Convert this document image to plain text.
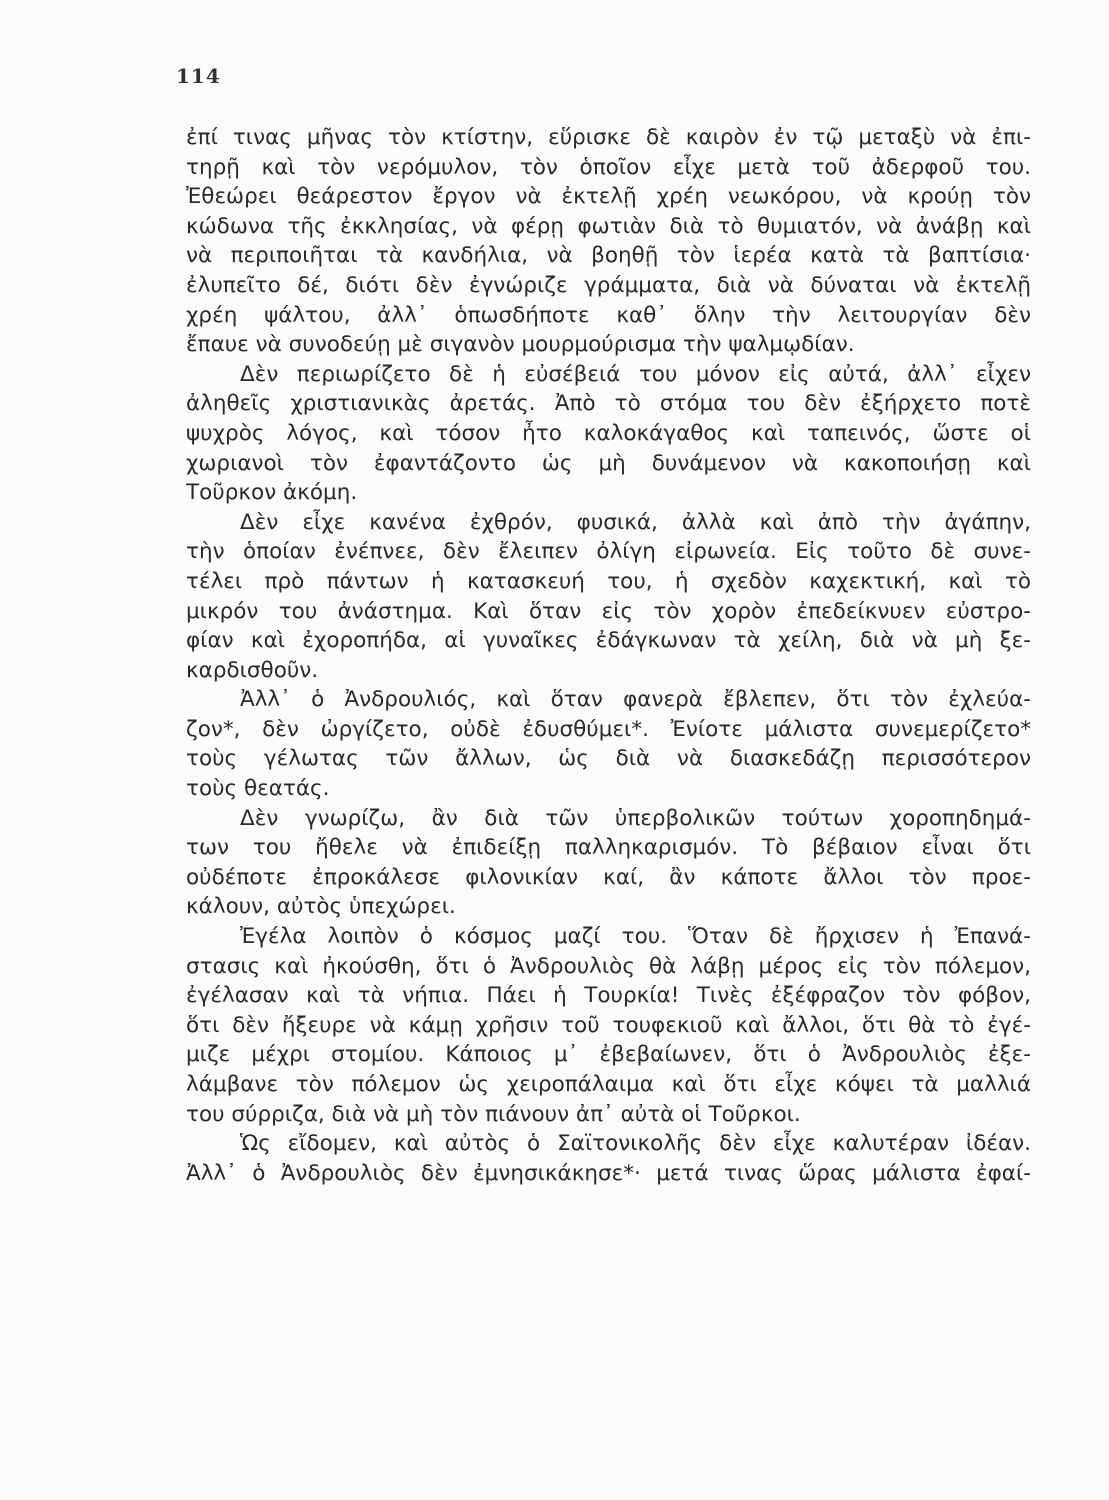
114
ἐπί τινας μῆνας τὸν κτίστην, εὕρισκε δὲ καιρὸν ἐν τῷ μεταξὺ νὰ ἐπι-
τηρῇ καὶ τὸν νερόμυλον, τὸν ὁποῖον εἶχε μετὰ τοῦ ἀδερφοῦ του.
Ἐθεώρει θεάρεστον ἔργον νὰ ἐκτελῇ χρέη νεωκόρου, νὰ κρούῃ τὸν
κώδωνα τῆς ἐκκλησίας, νὰ φέρῃ φωτιὰν διὰ τὸ θυμιατόν, νὰ ἀνάβῃ καὶ
νὰ περιποιῆται τὰ κανδήλια, νὰ βοηθῇ τὸν ἱερέα κατὰ τὰ βαπτίσια·
ἐλυπεῖτο δέ, διότι δὲν ἐγνώριζε γράμματα, διὰ νὰ δύναται νὰ ἐκτελῇ
χρέη ψάλτου, ἀλλ᾽ ὁπωσδήποτε καθ᾽ ὅλην τὴν λειτουργίαν δὲν
ἔπαυε νὰ συνοδεύῃ μὲ σιγανὸν μουρμούρισμα τὴν ψαλμῳδίαν.
Δὲν περιωρίζετο δὲ ἡ εὐσέβειά του μόνον εἰς αὐτά, ἀλλ᾽ εἶχεν
ἀληθεῖς χριστιανικὰς ἀρετάς. Ἀπὸ τὸ στόμα του δὲν ἐξήρχετο ποτὲ
ψυχρὸς λόγος, καὶ τόσον ἦτο καλοκάγαθος καὶ ταπεινός, ὥστε οἱ
χωριανοὶ τὸν ἐφαντάζοντο ὡς μὴ δυνάμενον νὰ κακοποιήσῃ καὶ
Τοῦρκον ἀκόμη.
Δὲν εἶχε κανένα ἐχθρόν, φυσικά, ἀλλὰ καὶ ἀπὸ τὴν ἀγάπην,
τὴν ὁποίαν ἐνέπνεε, δὲν ἔλειπεν ὀλίγη εἰρωνεία. Εἰς τοῦτο δὲ συνε-
τέλει πρὸ πάντων ἡ κατασκευή του, ἡ σχεδὸν καχεκτική, καὶ τὸ
μικρόν του ἀνάστημα. Καὶ ὅταν εἰς τὸν χορὸν ἐπεδείκνυεν εὐστρο-
φίαν καὶ ἐχοροπήδα, αἱ γυναῖκες ἐδάγκωναν τὰ χείλη, διὰ νὰ μὴ ξε-
καρδισθοῦν.
Ἀλλ᾽ ὁ Ἀνδρουλιός, καὶ ὅταν φανερὰ ἔβλεπεν, ὅτι τὸν ἐχλεύα-
ζον*, δὲν ὠργίζετο, οὐδὲ ἐδυσθύμει*. Ἐνίοτε μάλιστα συνεμερίζετο*
τοὺς γέλωτας τῶν ἄλλων, ὡς διὰ νὰ διασκεδάζῃ περισσότερον
τοὺς θεατάς.
Δὲν γνωρίζω, ἂν διὰ τῶν ὑπερβολικῶν τούτων χοροπηδημά-
των του ἤθελε νὰ ἐπιδείξῃ παλληκαρισμόν. Τὸ βέβαιον εἶναι ὅτι
οὐδέποτε ἐπροκάλεσε φιλονικίαν καί, ἂν κάποτε ἄλλοι τὸν προε-
κάλουν, αὐτὸς ὑπεχώρει.
Ἐγέλα λοιπὸν ὁ κόσμος μαζί του. Ὅταν δὲ ἤρχισεν ἡ Ἐπανά-
στασις καὶ ἠκούσθη, ὅτι ὁ Ἀνδρουλιὸς θὰ λάβῃ μέρος εἰς τὸν πόλεμον,
ἐγέλασαν καὶ τὰ νήπια. Πάει ἡ Τουρκία! Τινὲς ἐξέφραζον τὸν φόβον,
ὅτι δὲν ἤξευρε νὰ κάμῃ χρῆσιν τοῦ τουφεκιοῦ καὶ ἄλλοι, ὅτι θὰ τὸ ἐγέ-
μιζε μέχρι στομίου. Κάποιος μ᾽ ἐβεβαίωνεν, ὅτι ὁ Ἀνδρουλιὸς ἐξε-
λάμβανε τὸν πόλεμον ὡς χειροπάλαιμα καὶ ὅτι εἶχε κόψει τὰ μαλλιά
του σύρριζα, διὰ νὰ μὴ τὸν πιάνουν ἀπ᾽ αὐτὰ οἱ Τοῦρκοι.
Ὡς εἴδομεν, καὶ αὐτὸς ὁ Σαϊτονικολῆς δὲν εἶχε καλυτέραν ἰδέαν.
Ἀλλ᾽ ὁ Ἀνδρουλιὸς δὲν ἐμνησικάκησε*· μετά τινας ὥρας μάλιστα ἐφαί-
